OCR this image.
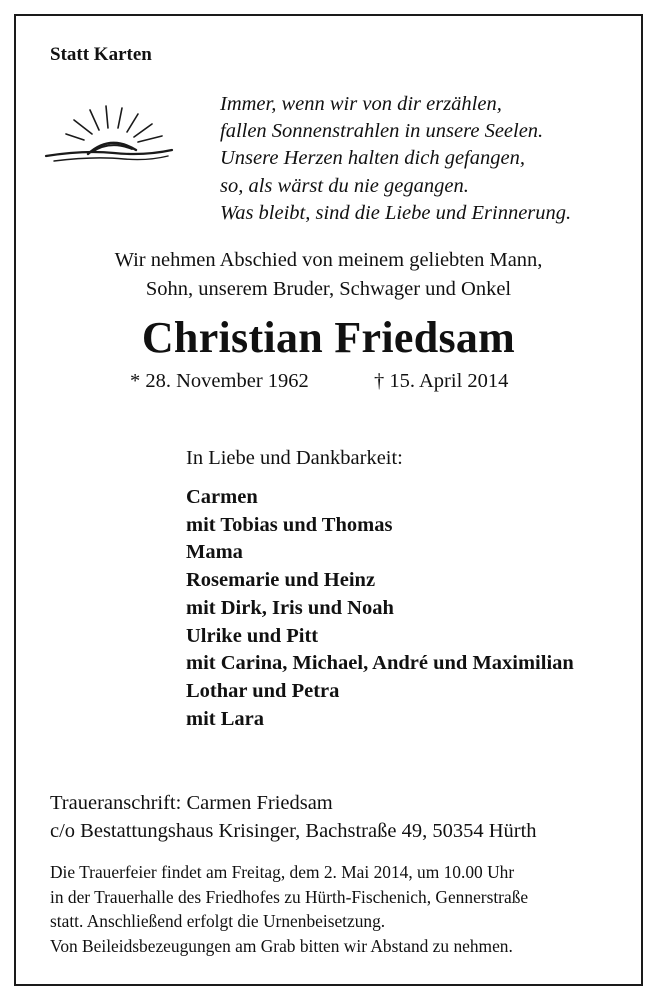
Statt Karten
Immer, wenn wir von dir erzählen,
fallen Sonnenstrahlen in unsere Seelen.
Unsere Herzen halten dich gefangen,
so, als wärst du nie gegangen.
Was bleibt, sind die Liebe und Erinnerung.
Wir nehmen Abschied von meinem geliebten Mann,
Sohn, unserem Bruder, Schwager und Onkel
Christian Friedsam
* 28. November 1962	† 15. April 2014
In Liebe und Dankbarkeit:
Carmen
mit Tobias und Thomas
Mama
Rosemarie und Heinz
mit Dirk, Iris und Noah
Ulrike und Pitt
mit Carina, Michael, André und Maximilian
Lothar und Petra
mit Lara
Traueranschrift: Carmen Friedsam
c/o Bestattungshaus Krisinger, Bachstraße 49, 50354 Hürth
Die Trauerfeier findet am Freitag, dem 2. Mai 2014, um 10.00 Uhr
in der Trauerhalle des Friedhofes zu Hürth-Fischenich, Gennerstraße
statt. Anschließend erfolgt die Urnenbeisetzung.
Von Beileidsbezeugungen am Grab bitten wir Abstand zu nehmen.
